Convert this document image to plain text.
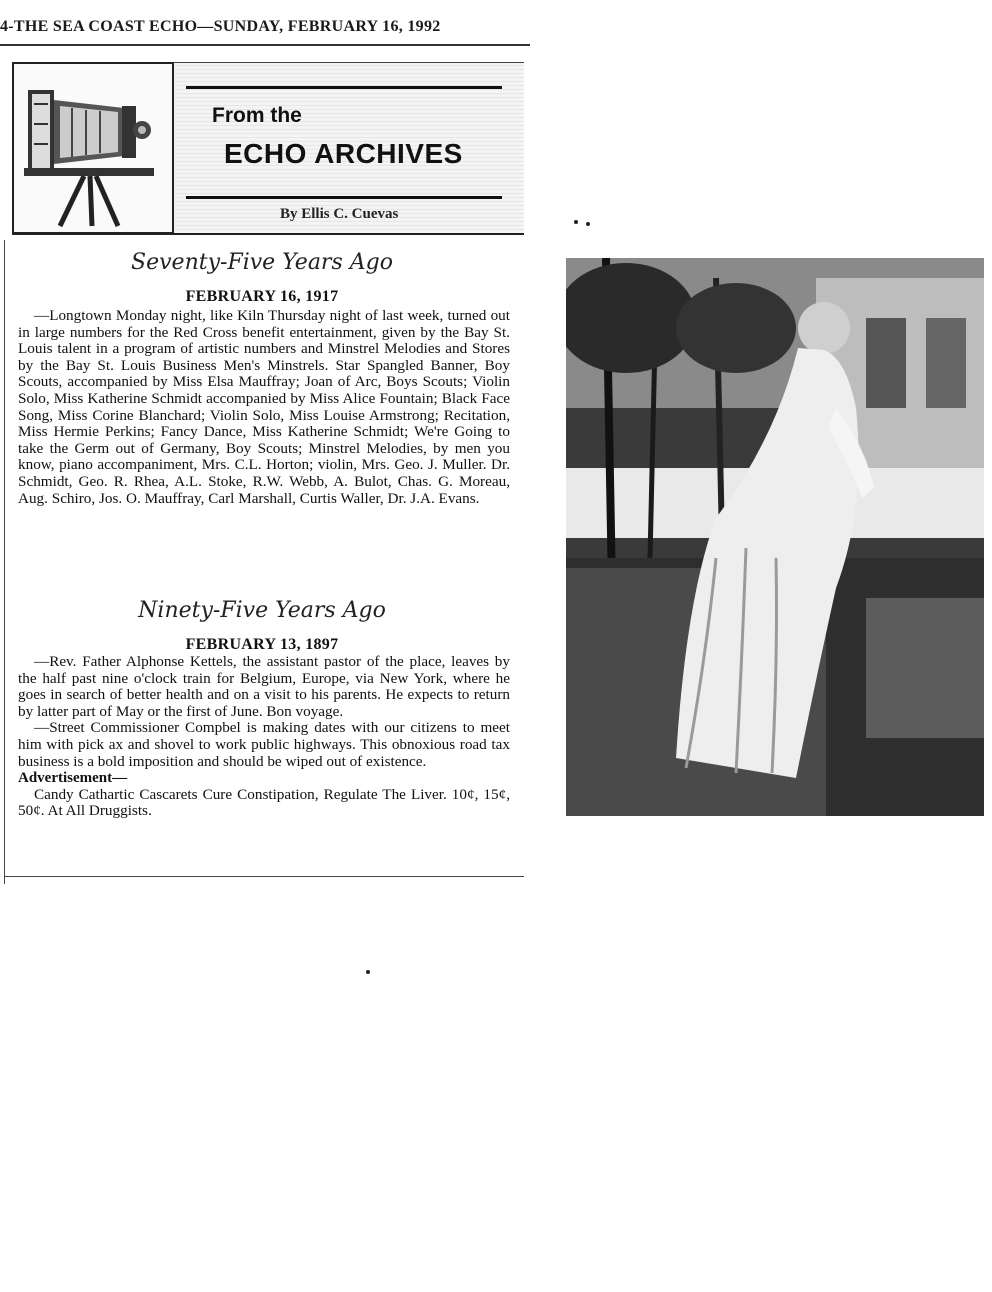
4-THE SEA COAST ECHO—SUNDAY, FEBRUARY 16, 1992
From the
ECHO ARCHIVES
By Ellis C. Cuevas
Seventy-Five Years Ago
FEBRUARY 16, 1917

—Longtown Monday night, like Kiln Thursday night of last week, turned out in large numbers for the Red Cross benefit entertainment, given by the Bay St. Louis talent in a program of artistic numbers and Minstrel Melodies and Stores by the Bay St. Louis Business Men's Minstrels. Star Spangled Banner, Boy Scouts, accompanied by Miss Elsa Mauffray; Joan of Arc, Boys Scouts; Violin Solo, Miss Katherine Schmidt accompanied by Miss Alice Fountain; Black Face Song, Miss Corine Blanchard; Violin Solo, Miss Louise Armstrong; Recitation, Miss Hermie Perkins; Fancy Dance, Miss Katherine Schmidt; We're Going to take the Germ out of Germany, Boy Scouts; Minstrel Melodies, by men you know, piano accompaniment, Mrs. C.L. Horton; violin, Mrs. Geo. J. Muller. Dr. Schmidt, Geo. R. Rhea, A.L. Stoke, R.W. Webb, A. Bulot, Chas. G. Moreau, Aug. Schiro, Jos. O. Mauffray, Carl Marshall, Curtis Waller, Dr. J.A. Evans.

Ninety-Five Years Ago
FEBRUARY 13, 1897

—Rev. Father Alphonse Kettels, the assistant pastor of the place, leaves by the half past nine o'clock train for Belgium, Europe, via New York, where he goes in search of better health and on a visit to his parents. He expects to return by latter part of May or the first of June. Bon voyage.

—Street Commissioner Compbel is making dates with our citizens to meet him with pick ax and shovel to work public highways. This obnoxious road tax business is a bold imposition and should be wiped out of existence.

Advertisement—

Candy Cathartic Cascarets Cure Constipation, Regulate The Liver. 10¢, 15¢, 50¢. At All Druggists.
